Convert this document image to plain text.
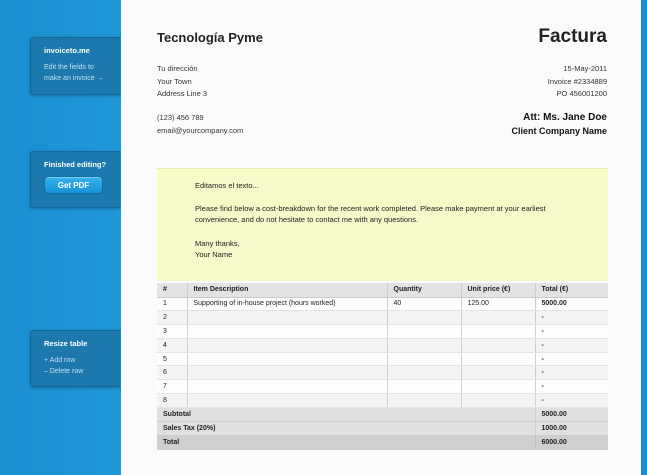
invoiceto.me
Edit the fields to
make an invoice →
Finished editing?
Get PDF
Resize table
+ Add row
– Delete row
Tecnología Pyme	Factura
Tu dirección
Your Town
Address Line 3
(123) 456 789
email@yourcompany.com
15-May-2011
Invoice #2334889
PO 456001200
Att: Ms. Jane Doe
Client Company Name
Editamos el texto...
Please find below a cost-breakdown for the recent work completed. Please make payment at your earliest convenience, and do not hesitate to contact me with any questions.
Many thanks,
Your Name
#	Item Description	Quantity	Unit price (€)	Total (€)
1	Supporting of in-house project (hours worked)	40	125.00	5000.00
2				-
3				-
4				-
5				-
6				-
7				-
8				-
Subtotal				5000.00
Sales Tax (20%)				1000.00
Total				6000.00
